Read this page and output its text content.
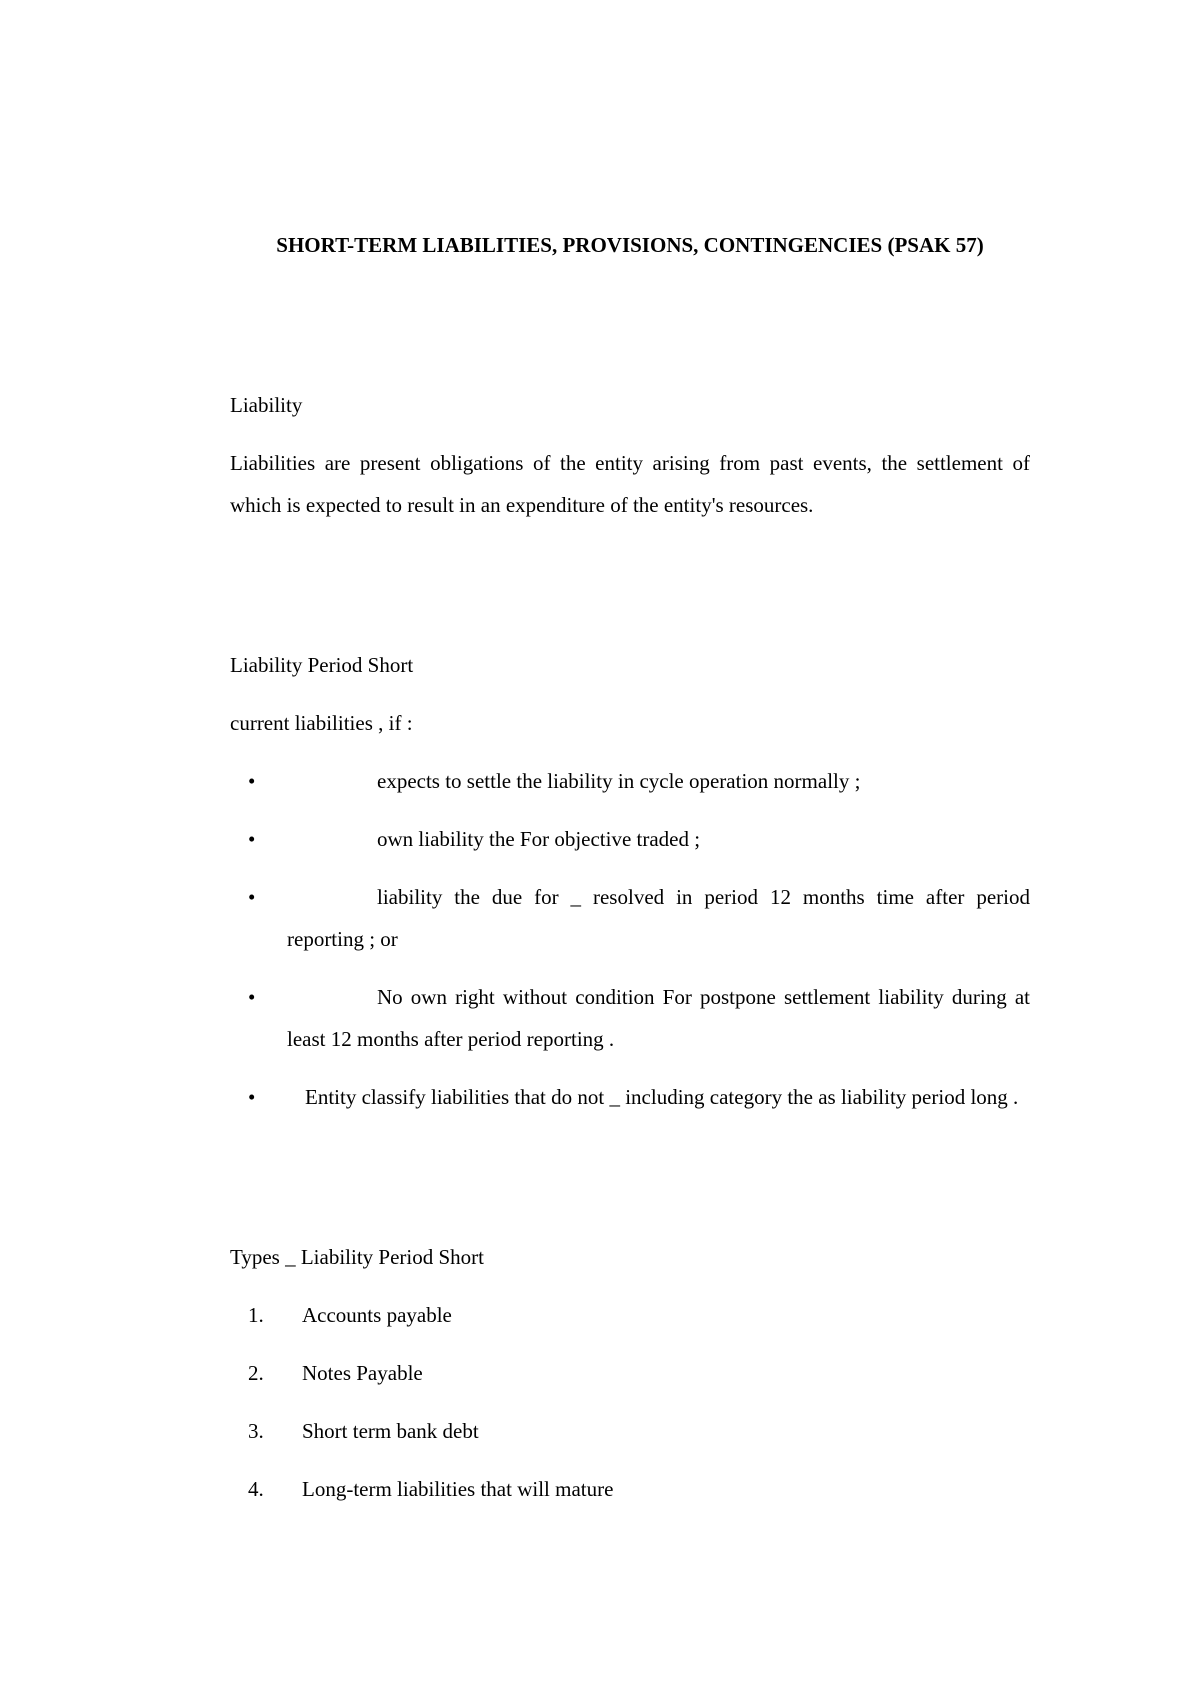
SHORT-TERM LIABILITIES, PROVISIONS, CONTINGENCIES (PSAK 57)

Liability

Liabilities are present obligations of the entity arising from past events, the settlement of which is expected to result in an expenditure of the entity's resources.

Liability Period Short

current liabilities , if :

•	expects to settle the liability in cycle operation normally ;
•	own liability the For objective traded ;
•	liability the due for _ resolved in period 12 months time after period reporting ; or
•	No own right without condition For postpone settlement liability during at least 12 months after period reporting .
•	Entity classify liabilities that do not _ including category the as liability period long .

Types _ Liability Period Short

1. Accounts payable
2. Notes Payable
3. Short term bank debt
4. Long-term liabilities that will mature
